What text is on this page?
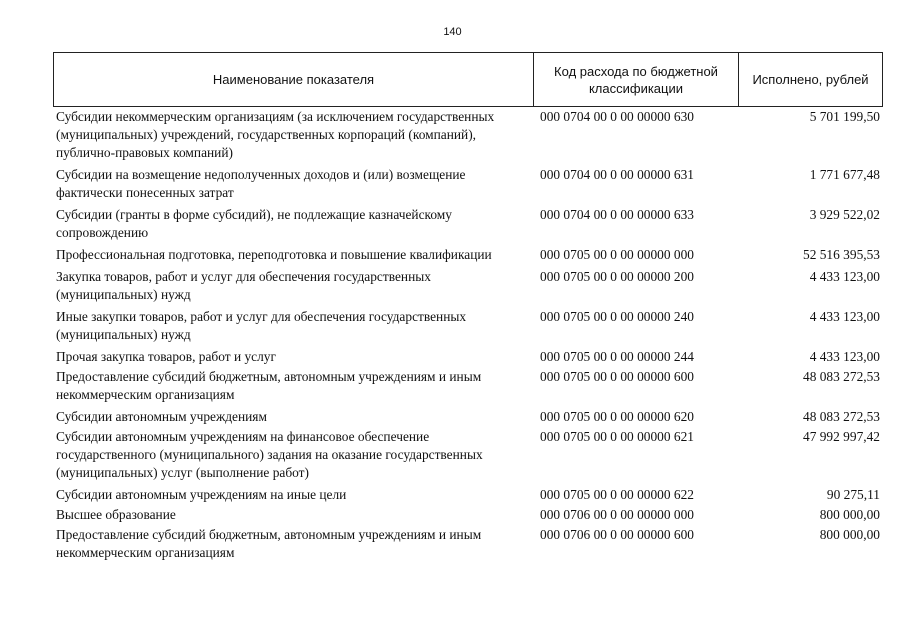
140
Наименование показателя
Код расхода по бюджетной классификации
Исполнено, рублей
Субсидии некоммерческим организациям (за исключением государственных (муниципальных) учреждений, государственных корпораций (компаний), публично-правовых компаний)
000 0704 00 0 00 00000 630	5 701 199,50
Субсидии на возмещение недополученных доходов и (или) возмещение фактически понесенных затрат
000 0704 00 0 00 00000 631	1 771 677,48
Субсидии (гранты в форме субсидий), не подлежащие казначейскому сопровождению
000 0704 00 0 00 00000 633	3 929 522,02
Профессиональная подготовка, переподготовка и повышение квалификации	000 0705 00 0 00 00000 000	52 516 395,53
Закупка товаров, работ и услуг для обеспечения государственных (муниципальных) нужд
000 0705 00 0 00 00000 200	4 433 123,00
Иные закупки товаров, работ и услуг для обеспечения государственных (муниципальных) нужд
000 0705 00 0 00 00000 240	4 433 123,00
Прочая закупка товаров, работ и услуг	000 0705 00 0 00 00000 244	4 433 123,00
Предоставление субсидий бюджетным, автономным учреждениям и иным некоммерческим организациям
000 0705 00 0 00 00000 600	48 083 272,53
Субсидии автономным учреждениям	000 0705 00 0 00 00000 620	48 083 272,53
Субсидии автономным учреждениям на финансовое обеспечение государственного (муниципального) задания на оказание государственных (муниципальных) услуг (выполнение работ)
000 0705 00 0 00 00000 621	47 992 997,42
Субсидии автономным учреждениям на иные цели	000 0705 00 0 00 00000 622	90 275,11
Высшее образование	000 0706 00 0 00 00000 000	800 000,00
Предоставление субсидий бюджетным, автономным учреждениям и иным некоммерческим организациям
000 0706 00 0 00 00000 600	800 000,00
